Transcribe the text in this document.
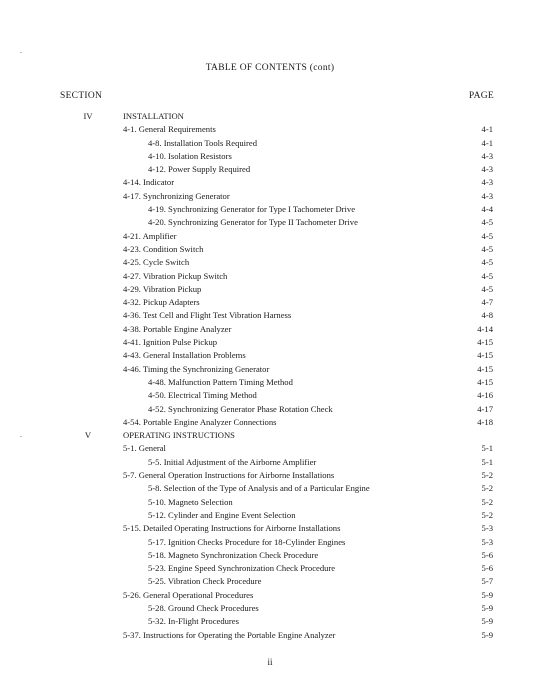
TABLE OF CONTENTS (cont)
SECTION	PAGE
IV	INSTALLATION
4-1. General Requirements	4-1
4-8. Installation Tools Required	4-1
4-10. Isolation Resistors	4-3
4-12. Power Supply Required	4-3
4-14. Indicator	4-3
4-17. Synchronizing Generator	4-3
4-19. Synchronizing Generator for Type I Tachometer Drive	4-4
4-20. Synchronizing Generator for Type II Tachometer Drive	4-5
4-21. Amplifier	4-5
4-23. Condition Switch	4-5
4-25. Cycle Switch	4-5
4-27. Vibration Pickup Switch	4-5
4-29. Vibration Pickup	4-5
4-32. Pickup Adapters	4-7
4-36. Test Cell and Flight Test Vibration Harness	4-8
4-38. Portable Engine Analyzer	4-14
4-41. Ignition Pulse Pickup	4-15
4-43. General Installation Problems	4-15
4-46. Timing the Synchronizing Generator	4-15
4-48. Malfunction Pattern Timing Method	4-15
4-50. Electrical Timing Method	4-16
4-52. Synchronizing Generator Phase Rotation Check	4-17
4-54. Portable Engine Analyzer Connections	4-18
V	OPERATING INSTRUCTIONS
5-1. General	5-1
5-5. Initial Adjustment of the Airborne Amplifier	5-1
5-7. General Operation Instructions for Airborne Installations	5-2
5-8. Selection of the Type of Analysis and of a Particular Engine	5-2
5-10. Magneto Selection	5-2
5-12. Cylinder and Engine Event Selection	5-2
5-15. Detailed Operating Instructions for Airborne Installations	5-3
5-17. Ignition Checks Procedure for 18-Cylinder Engines	5-3
5-18. Magneto Synchronization Check Procedure	5-6
5-23. Engine Speed Synchronization Check Procedure	5-6
5-25. Vibration Check Procedure	5-7
5-26. General Operational Procedures	5-9
5-28. Ground Check Procedures	5-9
5-32. In-Flight Procedures	5-9
5-37. Instructions for Operating the Portable Engine Analyzer	5-9
ii
